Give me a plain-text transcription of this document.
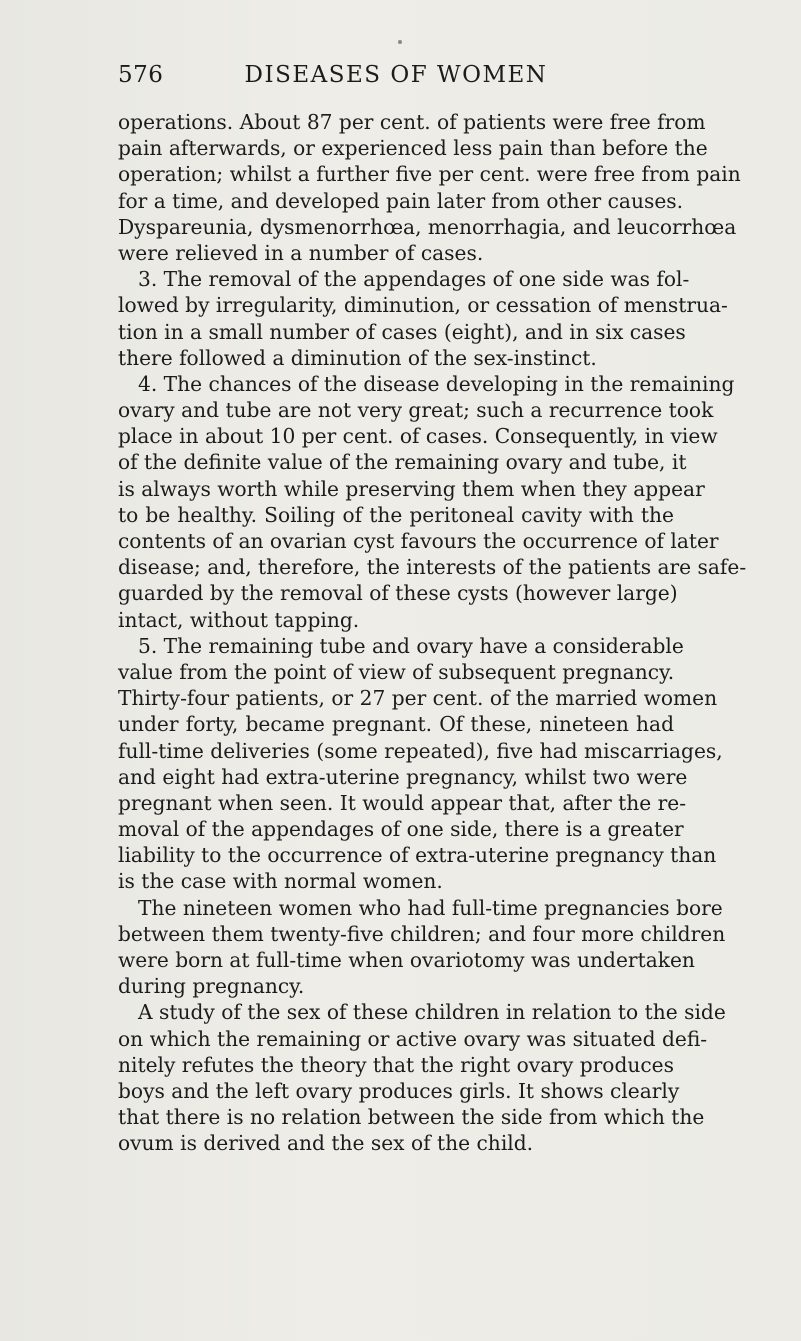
576	DISEASES OF WOMEN
operations. About 87 per cent. of patients were free from
pain afterwards, or experienced less pain than before the
operation; whilst a further five per cent. were free from pain
for a time, and developed pain later from other causes.
Dyspareunia, dysmenorrhœa, menorrhagia, and leucorrhœa
were relieved in a number of cases.
3. The removal of the appendages of one side was fol-
lowed by irregularity, diminution, or cessation of menstrua-
tion in a small number of cases (eight), and in six cases
there followed a diminution of the sex-instinct.
4. The chances of the disease developing in the remaining
ovary and tube are not very great; such a recurrence took
place in about 10 per cent. of cases. Consequently, in view
of the definite value of the remaining ovary and tube, it
is always worth while preserving them when they appear
to be healthy. Soiling of the peritoneal cavity with the
contents of an ovarian cyst favours the occurrence of later
disease; and, therefore, the interests of the patients are safe-
guarded by the removal of these cysts (however large)
intact, without tapping.
5. The remaining tube and ovary have a considerable
value from the point of view of subsequent pregnancy.
Thirty-four patients, or 27 per cent. of the married women
under forty, became pregnant. Of these, nineteen had
full-time deliveries (some repeated), five had miscarriages,
and eight had extra-uterine pregnancy, whilst two were
pregnant when seen. It would appear that, after the re-
moval of the appendages of one side, there is a greater
liability to the occurrence of extra-uterine pregnancy than
is the case with normal women.
The nineteen women who had full-time pregnancies bore
between them twenty-five children; and four more children
were born at full-time when ovariotomy was undertaken
during pregnancy.
A study of the sex of these children in relation to the side
on which the remaining or active ovary was situated defi-
nitely refutes the theory that the right ovary produces
boys and the left ovary produces girls. It shows clearly
that there is no relation between the side from which the
ovum is derived and the sex of the child.
